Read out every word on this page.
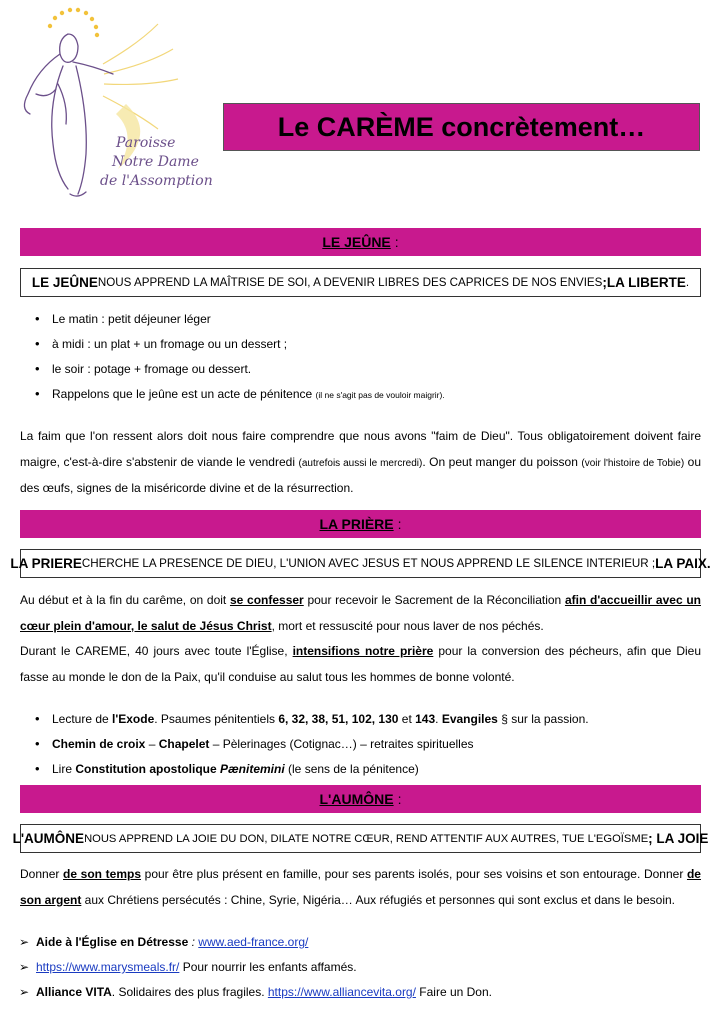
Paroisse
Notre Dame
de l'Assomption
Le CARÈME concrètement…
LE JEÛNE :
LE JEÛNE NOUS APPREND LA MAÎTRISE DE SOI, A DEVENIR LIBRES DES CAPRICES DE NOS ENVIES ; LA LIBERTE .
• Le matin : petit déjeuner léger
• à midi : un plat + un fromage ou un dessert ;
• le soir : potage + fromage ou dessert.
• Rappelons que le jeûne est un acte de pénitence (il ne s'agit pas de vouloir maigrir).
La faim que l'on ressent alors doit nous faire comprendre que nous avons "faim de Dieu". Tous obligatoirement doivent faire maigre, c'est-à-dire s'abstenir de viande le vendredi (autrefois aussi le mercredi). On peut manger du poisson (voir l'histoire de Tobie) ou des œufs, signes de la miséricorde divine et de la résurrection.
LA PRIÈRE :
LA PRIERE CHERCHE LA PRESENCE DE DIEU, L'UNION AVEC JESUS ET NOUS APPREND LE SILENCE INTERIEUR ; LA PAIX.
Au début et à la fin du carême, on doit se confesser pour recevoir le Sacrement de la Réconciliation afin d'accueillir avec un cœur plein d'amour, le salut de Jésus Christ, mort et ressuscité pour nous laver de nos péchés.
Durant le CAREME, 40 jours avec toute l'Église, intensifions notre prière pour la conversion des pécheurs, afin que Dieu fasse au monde le don de la Paix, qu'il conduise au salut tous les hommes de bonne volonté.
• Lecture de l'Exode. Psaumes pénitentiels 6, 32, 38, 51, 102, 130 et 143. Evangiles § sur la passion.
• Chemin de croix – Chapelet – Pèlerinages (Cotignac…) – retraites spirituelles
• Lire Constitution apostolique Pænitemini (le sens de la pénitence)
L'AUMÔNE :
L'AUMÔNE NOUS APPREND LA JOIE DU DON, DILATE NOTRE CŒUR, REND ATTENTIF AUX AUTRES, TUE L'EGOÏSME ; LA JOIE
Donner de son temps pour être plus présent en famille, pour ses parents isolés, pour ses voisins et son entourage. Donner de son argent aux Chrétiens persécutés : Chine, Syrie, Nigéria… Aux réfugiés et personnes qui sont exclus et dans le besoin.
➢ Aide à l'Église en Détresse : www.aed-france.org/
➢ https://www.marysmeals.fr/ Pour nourrir les enfants affamés.
➢ Alliance VITA. Solidaires des plus fragiles. https://www.alliancevita.org/ Faire un Don.
